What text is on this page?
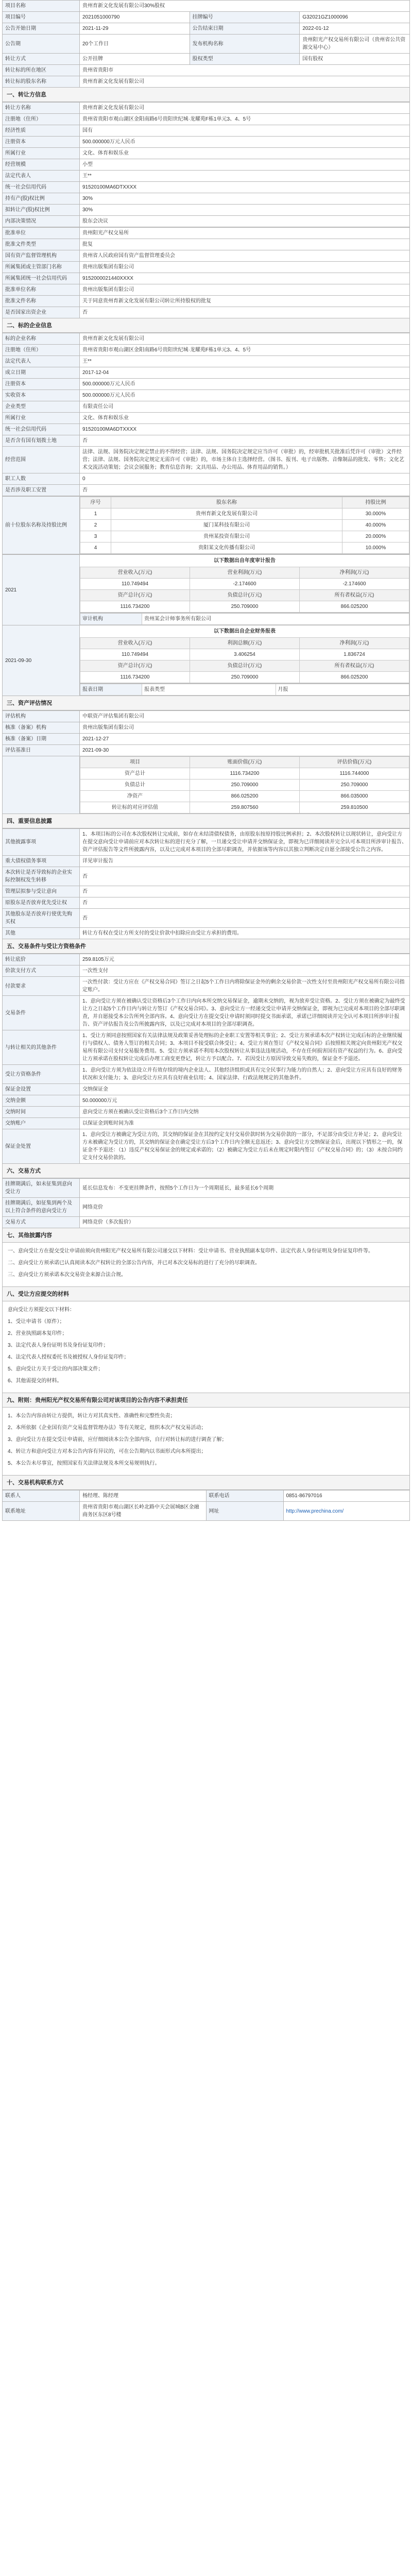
项目名称	贵州育新文化发展有限公司30%股权		
项目编号	2021051000790	挂牌编号	G32021GZ1000096
公告开始日期	2021-11-29	公告结束日期	2022-01-12
公告期	20个工作日	发布机构名称	贵州阳光产权交易所有限公司（贵州省公共资源交易中心）
转让方式	公开挂牌	股权类型	国有股权
转让标的所在地区	贵州省贵阳市		
转让标的股东名称	贵州育新文化发展有限公司		
一、转让方信息
转让方名称	贵州育新文化发展有限公司
注册地（住所）	贵州省贵阳市观山湖区金阳南路6号贵阳世纪城·龙耀苑F栋1单元3、4、5号
经济性质	国有
注册资本	500.000000万元人民币
所属行业	文化、体育和娱乐业
经营规模	小型
法定代表人	王**
统一社会信用代码	91520100MA6DTXXXX
持有产(股)权比例	30%
拟转让产(股)权比例	30%
内部决策情况	股东会决议
批准单位	贵州阳光产权交易所
批准文件类型	批复
国有资产监督管理机构	贵州省人民政府国有资产监督管理委员会
所属集团或主管部门名称	贵州出版集团有限公司
所属集团统一社会信用代码	9152000021440XXXX
批准单位名称	贵州出版集团有限公司
批准文件名称	关于同意贵州育新文化发展有限公司转让所持股权的批复
是否国家出资企业	否
二、标的企业信息
标的企业名称	贵州育新文化发展有限公司
注册地（住所）	贵州省贵阳市观山湖区金阳南路6号贵阳世纪城·龙耀苑F栋1单元3、4、5号
法定代表人	王**
成立日期	2017-12-04
注册资本	500.000000万元人民币
实收资本	500.000000万元人民币
企业类型	有限责任公司
所属行业	文化、体育和娱乐业
统一社会信用代码	91520100MA6DTXXXX
是否含有国有划拨土地	否
经营范围	法律、法规、国务院决定规定禁止的不得经营；法律、法规、国务院决定规定应当许可（审批）的，经审批机关批准后凭许可（审批）文件经营；法律、法规、国务院决定规定无需许可（审批）的，市场主体自主选择经营。（图书、报刊、电子出版物、音像制品的批发、零售；文化艺术交流活动策划；会议会展服务；教育信息咨询；文具用品、办公用品、体育用品的销售。）
职工人数	0
是否涉及职工安置	否
前十位股东名称及持股比例	
序号	股东名称	持股比例
1	贵州育新文化发展有限公司	30.000%
2	厦门某科技有限公司	40.000%
3	贵州某投资有限公司	20.000%
4	贵阳某文化传播有限公司	10.000%
2021	
以下数据出自年度审计报告
营业收入(万元)	营业利润(万元)	净利润(万元)
110.749494	-2.174600	-2.174600
资产总计(万元)	负债总计(万元)	所有者权益(万元)
1116.734200	250.709000	866.025200

审计机构	贵州某会计师事务所有限公司

2021-09-30	
以下数据出自企业财务报表
营业收入(万元)	利润总额(万元)	净利润(万元)
110.749494	3.406254	1.836724
资产总计(万元)	负债总计(万元)	所有者权益(万元)
1116.734200	250.709000	866.025200

报表日期	报表类型	月报
三、资产评估情况
评估机构	中联资产评估集团有限公司
核准（备案）机构	贵州出版集团有限公司
核准（备案）日期	2021-12-27
评估基准日	2021-09-30

项目	账面价值(万元)	评估价值(万元)
资产总计	1116.734200	1116.744000
负债总计	250.709000	250.709000
净资产	866.025200	866.035000
转让标的对应评估值	259.807560	259.810500
四、重要信息披露
其他披露事项	1、本项目标的公司在本次股权转让完成前，如存在未结清债权债务，由原股东按原持股比例承担；2、本次股权转让以现状转让，意向受让方在提交意向受让申请前应对本次转让标的进行充分了解，一旦递交受让申请并交纳保证金，即视为已详细阅读并完全认可本项目所涉审计报告、资产评估报告等文件所披露内容，以及已完成对本项目的全部尽职调查，并依据该等内容以其独立判断决定自愿全部接受公告之内容。
重大债权债务事项	详见审计报告
本次转让是否导致标的企业实际控制权发生转移	否
管理层拟参与受让意向	否
原股东是否放弃优先受让权	否
其他股东是否放弃行使优先购买权	否
其他	转让方有权在受让方所支付的受让价款中扣除应由受让方承担的费用。
五、交易条件与受让方资格条件
转让底价	259.8105万元
价款支付方式	一次性支付
付款要求	一次性付款：受让方应在《产权交易合同》签订之日起5个工作日内将除保证金外的剩余交易价款一次性支付至贵州阳光产权交易所有限公司指定账户。
交易条件	1、意向受让方须在被确认受让资格后3个工作日内向本所交纳交易保证金，逾期未交纳的，视为放弃受让资格。2、受让方须在被确定为最终受让方之日起5个工作日内与转让方签订《产权交易合同》。3、意向受让方一经递交受让申请并交纳保证金，即视为已完成对本项目的全部尽职调查，并自愿接受本公告所列全部内容。4、意向受让方在提交受让申请时须同时提交书面承诺，承诺已详细阅读并完全认可本项目所涉审计报告、资产评估报告及公告所披露内容，以及已完成对本项目的全部尽职调查。
与转让相关的其他条件	1、受让方须同意按照国家有关法律法规及政策妥善处理标的企业职工安置等相关事宜；2、受让方须承诺本次产权转让完成后标的企业继续履行与债权人、债务人签订的相关合同；3、本项目不接受联合体受让；4、受让方须在签订《产权交易合同》后按照相关规定向贵州阳光产权交易所有限公司支付交易服务费用。5、受让方须承诺不利用本次股权转让从事违法违规活动，不存在任何损害国有资产权益的行为。6、意向受让方须承诺在股权转让完成后办理工商变更登记，转让方予以配合。7、若因受让方原因导致交易失败的，保证金不予退还。
受让方资格条件	1、意向受让方须为依法设立并有效存续的境内企业法人、其他经济组织或具有完全民事行为能力的自然人；2、意向受让方应具有良好的财务状况和支付能力；3、意向受让方应具有良好商业信用；4、国家法律、行政法规规定的其他条件。
保证金设置	交纳保证金
交纳金额	50.000000万元
交纳时间	意向受让方须在被确认受让资格后3个工作日内交纳
交纳账户	以保证金到账时间为准
保证金处置	1、意向受让方被确定为受让方的，其交纳的保证金在其按约定支付交易价款时转为交易价款的一部分，不足部分由受让方补足；2、意向受让方未被确定为受让方的，其交纳的保证金在确定受让方后3个工作日内全额无息返还；3、意向受让方交纳保证金后，出现以下情形之一的，保证金不予退还：（1）违反产权交易保证金的规定或承诺的；（2）被确定为受让方后未在规定时限内签订《产权交易合同》的；（3）未按合同约定支付交易价款的。
六、交易方式
挂牌期满后，如未征集到意向受让方	延长信息发布：不变更挂牌条件，按照5个工作日为一个周期延长，最多延长6个周期
挂牌期满后，如征集到两个及以上符合条件的意向受让方	网络竞价
交易方式	网络竞价（多次报价）
七、其他披露内容

一、意向受让方在提交受让申请前须向贵州阳光产权交易所有限公司递交以下材料：受让申请书、营业执照副本复印件、法定代表人身份证明及身份证复印件等。

二、意向受让方须承诺已认真阅读本次产权转让的全部公告内容，并已对本次交易标的进行了充分的尽职调查。

三、意向受让方须承诺本次交易资金来源合法合规。

八、受让方应提交的材料

意向受让方须提交以下材料：

1、受让申请书（原件）；

2、营业执照副本复印件；

3、法定代表人身份证明书及身份证复印件；

4、法定代表人授权委托书及被授权人身份证复印件；

5、意向受让方关于受让的内部决策文件；

6、其他需提交的材料。

九、附则：贵州阳光产权交易所有限公司对该项目的公告内容不承担责任

1、本公告内容由转让方提供，转让方对其真实性、准确性和完整性负责；

2、本所依据《企业国有资产交易监督管理办法》等有关规定，组织本次产权交易活动；

3、意向受让方在提交受让申请前，应仔细阅读本公告全部内容，自行对转让标的进行调查了解；

4、转让方和意向受让方对本公告内容有异议的，可在公告期内以书面形式向本所提出；

5、本公告未尽事宜，按照国家有关法律法规及本所交易规则执行。

十、交易机构联系方式
联系人	杨经理、陈经理	联系电话	0851-86797016
联系地址	贵州省贵阳市观山湖区长岭北路中天会展城B区金融商务区东区8号楼	网址	http://www.prechina.com/
